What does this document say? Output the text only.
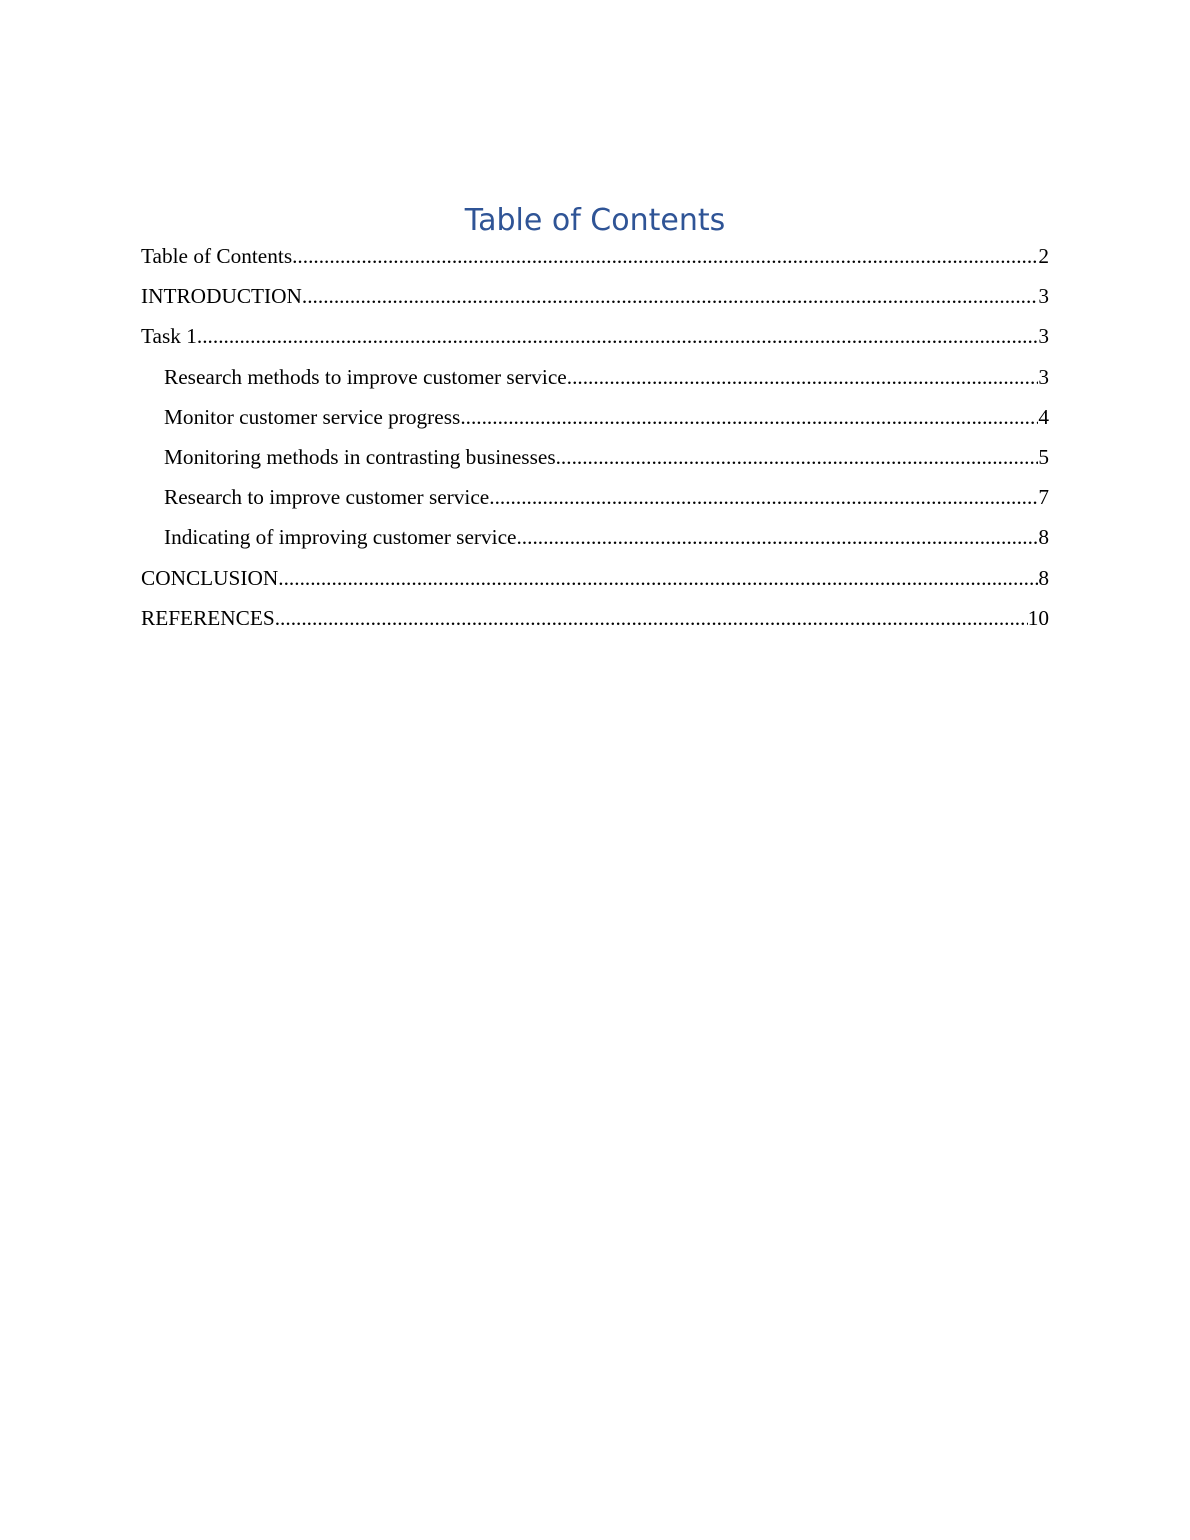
Table of Contents
Table of Contents .....	2
INTRODUCTION .....	3
Task 1 .....	3
Research methods to improve customer service .....	3
Monitor customer service progress .....	4
Monitoring methods in contrasting businesses .....	5
Research to improve customer service .....	7
Indicating of improving customer service .....	8
CONCLUSION .....	8
REFERENCES .....	10
